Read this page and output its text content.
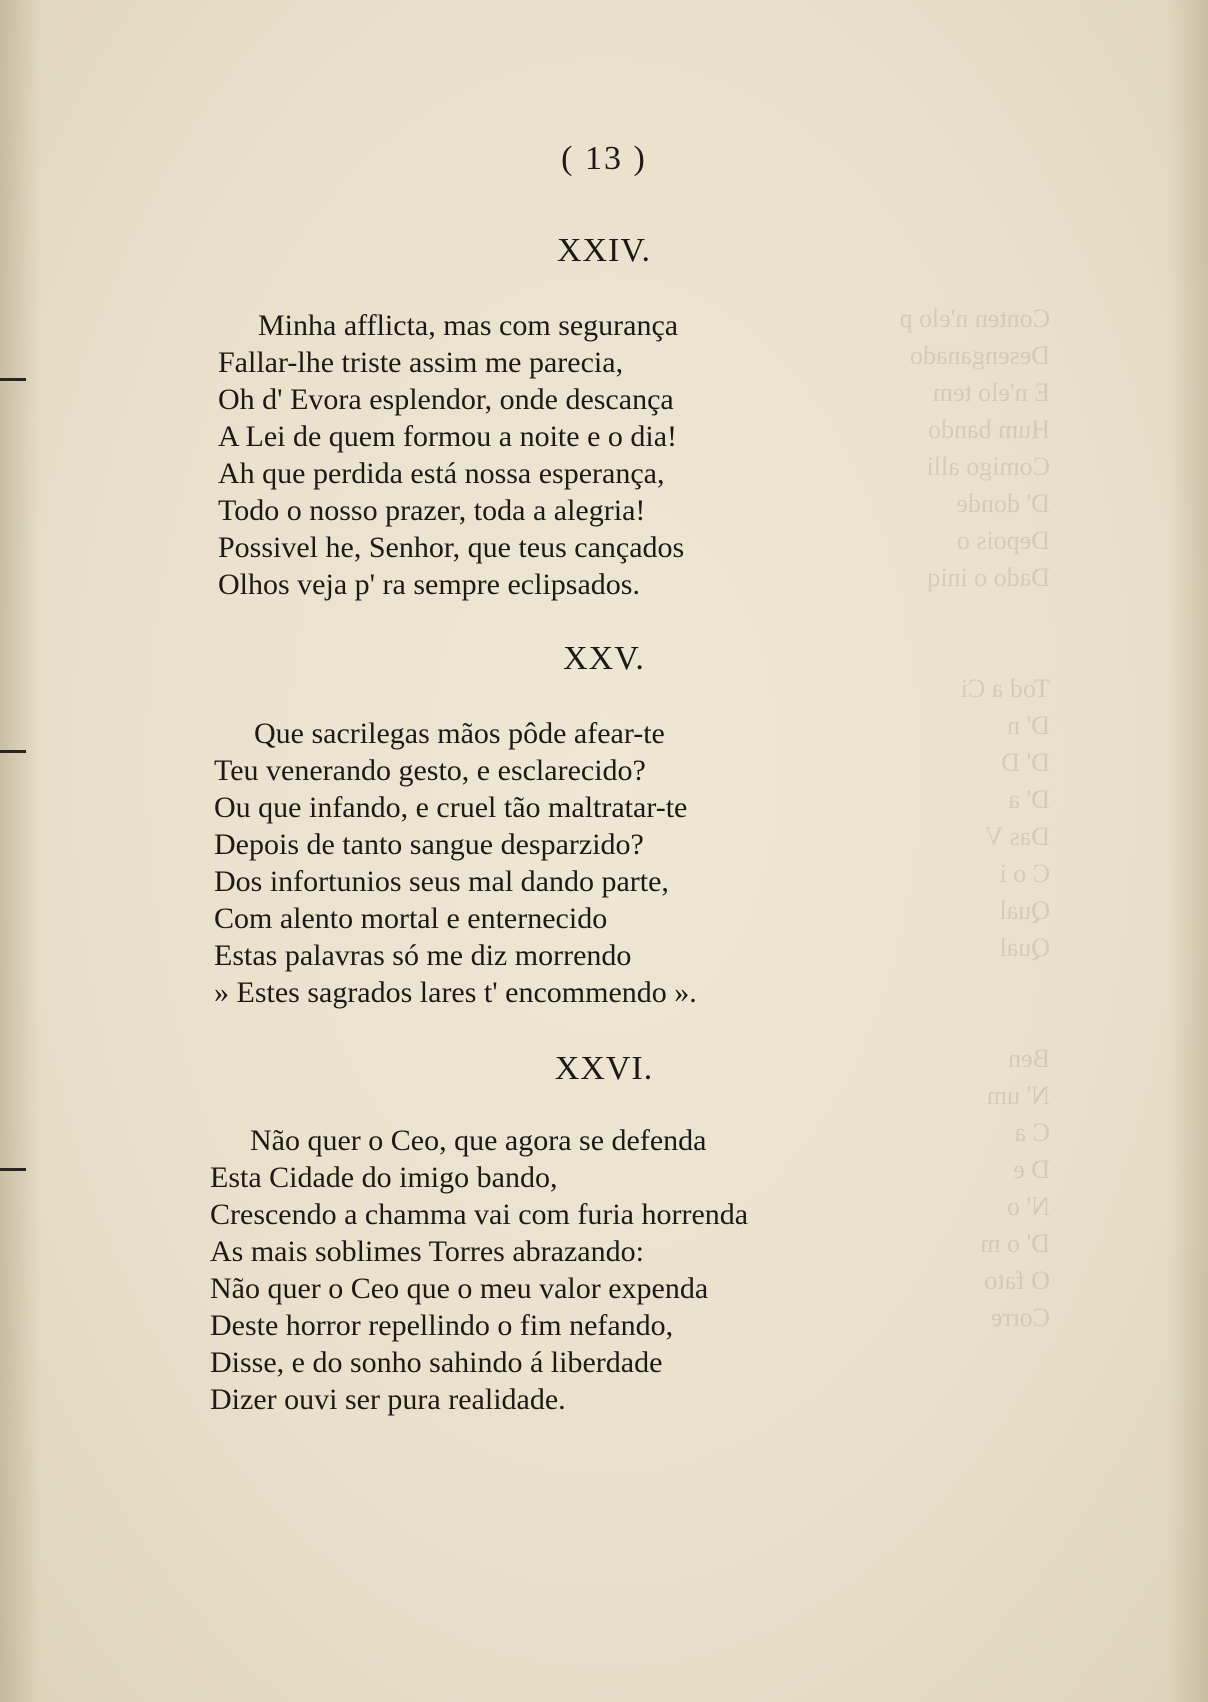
Conten n'elo p
Desenganado
E n'elo tem
Hum bando
Comigo alli
D' donde
Depois o
Dado o iniq

Tod a Ci
D' n
D' D
D' a
Das V
C o i
Qual
Qual

Ben
N' um
C a
D e
N' o
D' o m
O fato
Corre
( 13 )
XXIV.
Minha afflicta, mas com segurança
Fallar-lhe triste assim me parecia,
Oh d' Evora esplendor, onde descança
A Lei de quem formou a noite e o dia!
Ah que perdida está nossa esperança,
Todo o nosso prazer, toda a alegria!
Possivel he, Senhor, que teus cançados
Olhos veja p' ra sempre eclipsados.
XXV.
Que sacrilegas mãos pôde afear-te
Teu venerando gesto, e esclarecido?
Ou que infando, e cruel tão maltratar-te
Depois de tanto sangue desparzido?
Dos infortunios seus mal dando parte,
Com alento mortal e enternecido
Estas palavras só me diz morrendo
» Estes sagrados lares t' encommendo ».
XXVI.
Não quer o Ceo, que agora se defenda
Esta Cidade do imigo bando,
Crescendo a chamma vai com furia horrenda
As mais soblimes Torres abrazando:
Não quer o Ceo que o meu valor expenda
Deste horror repellindo o fim nefando,
Disse, e do sonho sahindo á liberdade
Dizer ouvi ser pura realidade.
